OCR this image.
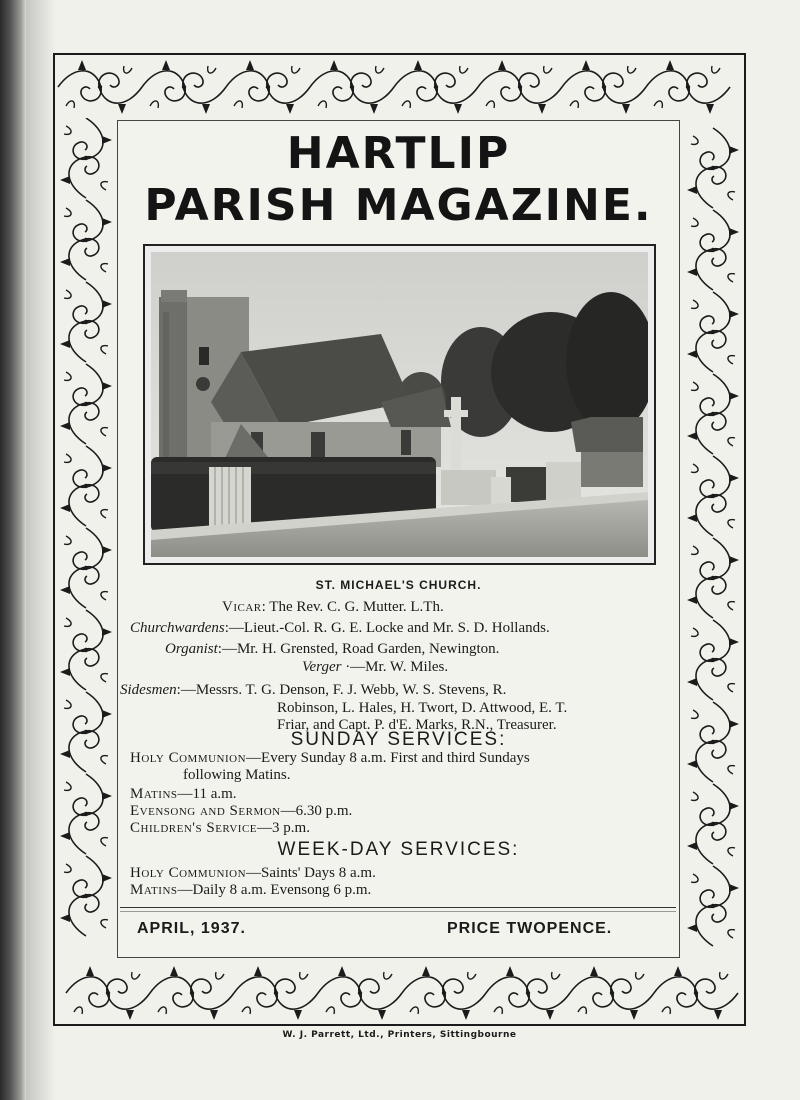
HARTLIP
PARISH MAGAZINE.
ST. MICHAEL'S CHURCH.
Vicar: The Rev. C. G. Mutter. L.Th.
Churchwardens:—Lieut.-Col. R. G. E. Locke and Mr. S. D. Hollands.
Organist:—Mr. H. Grensted, Road Garden, Newington.
Verger ·—Mr. W. Miles.
Sidesmen:—Messrs. T. G. Denson, F. J. Webb, W. S. Stevens, R.
Robinson, L. Hales, H. Twort, D. Attwood, E. T.
Friar, and Capt. P. d'E. Marks, R.N., Treasurer.
SUNDAY SERVICES:
Holy Communion—Every Sunday 8 a.m. First and third Sundays
following Matins.
Matins—11 a.m.
Evensong and Sermon—6.30 p.m.
Children's Service—3 p.m.
WEEK-DAY SERVICES:
Holy Communion—Saints' Days 8 a.m.
Matins—Daily 8 a.m. Evensong 6 p.m.
APRIL, 1937.	PRICE TWOPENCE.
W. J. Parrett, Ltd., Printers, Sittingbourne
